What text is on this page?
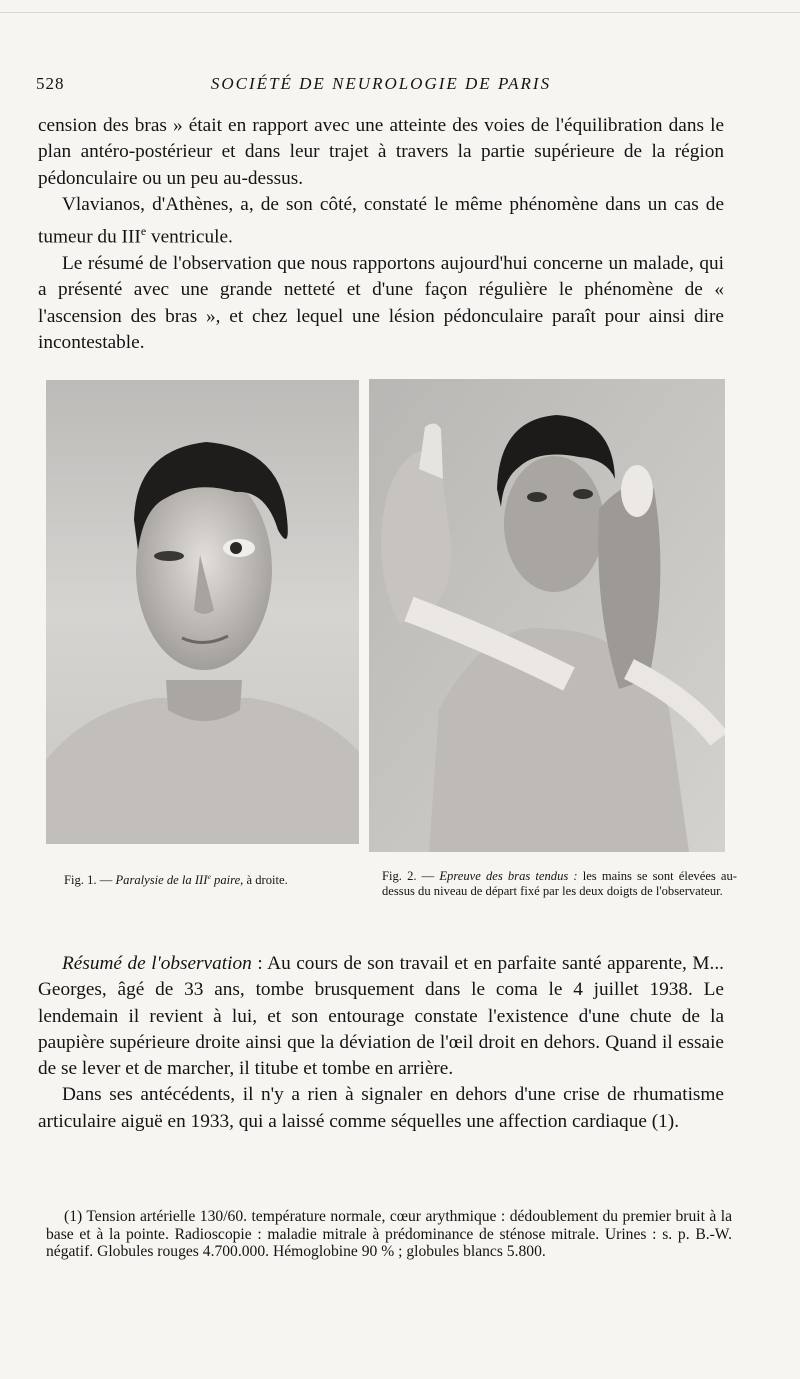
528	SOCIÉTÉ DE NEUROLOGIE DE PARIS

cension des bras » était en rapport avec une atteinte des voies de l'équilibration dans le plan antéro-postérieur et dans leur trajet à travers la partie supérieure de la région pédonculaire ou un peu au-dessus.

Vlavianos, d'Athènes, a, de son côté, constaté le même phénomène dans un cas de tumeur du IIIe ventricule.

Le résumé de l'observation que nous rapportons aujourd'hui concerne un malade, qui a présenté avec une grande netteté et d'une façon régulière le phénomène de « l'ascension des bras », et chez lequel une lésion pédonculaire paraît pour ainsi dire incontestable.

Fig. 1. — Paralysie de la IIIe paire, à droite.	Fig. 2. — Epreuve des bras tendus : les mains se sont élevées au-dessus du niveau de départ fixé par les deux doigts de l'observateur.

Résumé de l'observation : Au cours de son travail et en parfaite santé apparente, M... Georges, âgé de 33 ans, tombe brusquement dans le coma le 4 juillet 1938. Le lendemain il revient à lui, et son entourage constate l'existence d'une chute de la paupière supérieure droite ainsi que la déviation de l'œil droit en dehors. Quand il essaie de se lever et de marcher, il titube et tombe en arrière.

Dans ses antécédents, il n'y a rien à signaler en dehors d'une crise de rhumatisme articulaire aiguë en 1933, qui a laissé comme séquelles une affection cardiaque (1).

(1) Tension artérielle 130/60. température normale, cœur arythmique : dédoublement du premier bruit à la base et à la pointe. Radioscopie : maladie mitrale à prédominance de sténose mitrale. Urines : s. p. B.-W. négatif. Globules rouges 4.700.000. Hémoglobine 90 % ; globules blancs 5.800.
